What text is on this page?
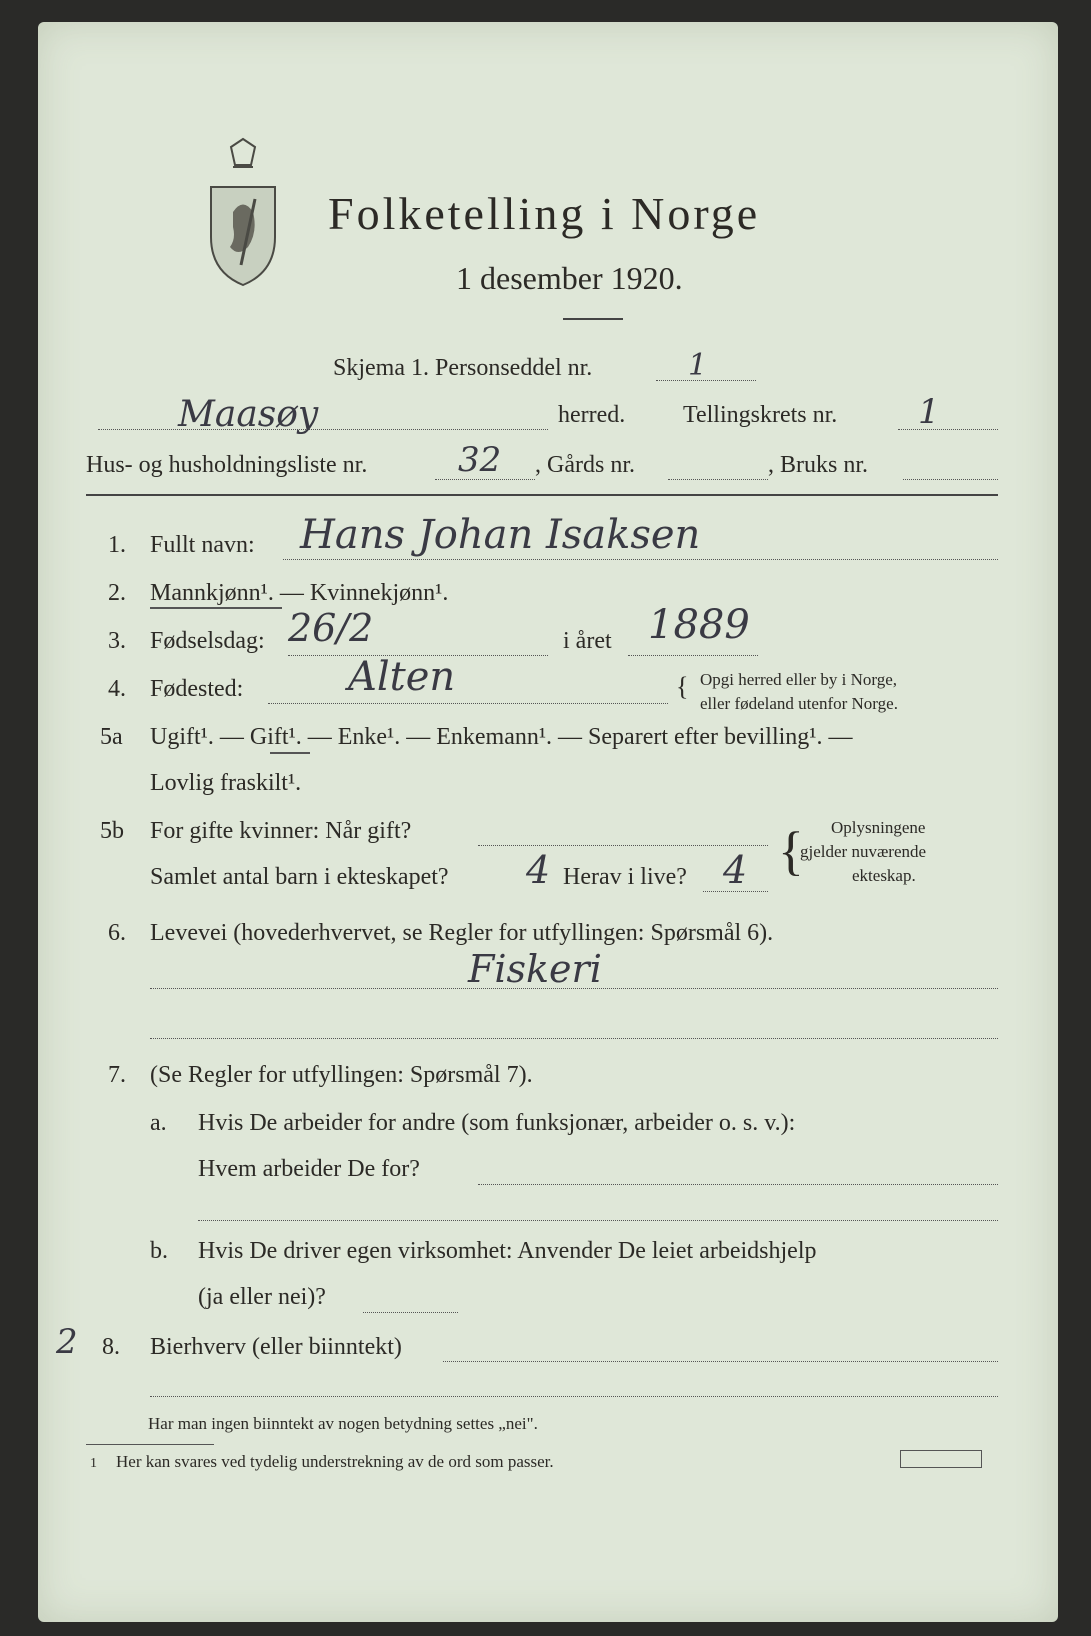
Folketelling i Norge
1 desember 1920.
Skjema 1. Personseddel nr.	1
Maasøy	herred. Tellingskrets nr. 1
Hus- og husholdningsliste nr.	32 , Gårds nr.	, Bruks nr.
1. Fullt navn: Hans Johan Isaksen
2. Mannkjønn¹. — Kvinnekjønn¹.
3. Fødselsdag: 26/2	i året 1889
4. Fødested:	Alten	{ Opgi herred eller by i Norge,
eller fødeland utenfor Norge.
5a Ugift¹. — Gift¹. — Enke¹. — Enkemann¹. — Separert efter bevilling¹. —
Lovlig fraskilt¹.
5b For gifte kvinner: Når gift?
Samlet antal barn i ekteskapet? 4 Herav i live? 4 { Oplysningene
gjelder nuværende
ekteskap.
6. Levevei (hovederhvervet, se Regler for utfyllingen: Spørsmål 6).
Fiskeri
7. (Se Regler for utfyllingen: Spørsmål 7).
a. Hvis De arbeider for andre (som funksjonær, arbeider o. s. v.):
Hvem arbeider De for?
b. Hvis De driver egen virksomhet: Anvender De leiet arbeidshjelp
(ja eller nei)?
2 8. Bierhverv (eller biinntekt)
Har man ingen biinntekt av nogen betydning settes „nei".
1 Her kan svares ved tydelig understrekning av de ord som passer.
